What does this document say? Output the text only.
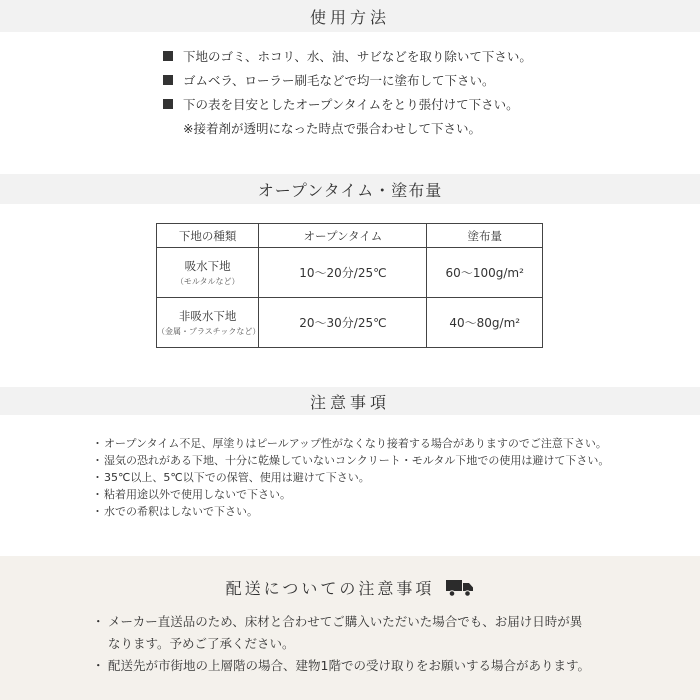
使用方法
下地のゴミ、ホコリ、水、油、サビなどを取り除いて下さい。
ゴムベラ、ローラー刷毛などで均一に塗布して下さい。
下の表を目安としたオープンタイムをとり張付けて下さい。
※接着剤が透明になった時点で張合わせして下さい。
オープンタイム・塗布量
下地の種類	オープンタイム	塗布量

吸水下地
（モルタルなど）	10～20分/25℃	60～100g/m²

非吸水下地
（金属・プラスチックなど）	20～30分/25℃	40～80g/m²
注意事項
・ オープンタイム不足、厚塗りはピールアップ性がなくなり接着する場合がありますのでご注意下さい。
・ 湿気の恐れがある下地、十分に乾燥していないコンクリート・モルタル下地での使用は避けて下さい。
・ 35℃以上、5℃以下での保管、使用は避けて下さい。
・ 粘着用途以外で使用しないで下さい。
・ 水での希釈はしないで下さい。
配送についての注意事項
・ メーカー直送品のため、床材と合わせてご購入いただいた場合でも、お届け日時が異
なります。予めご了承ください。
・ 配送先が市街地の上層階の場合、建物1階での受け取りをお願いする場合があります。
